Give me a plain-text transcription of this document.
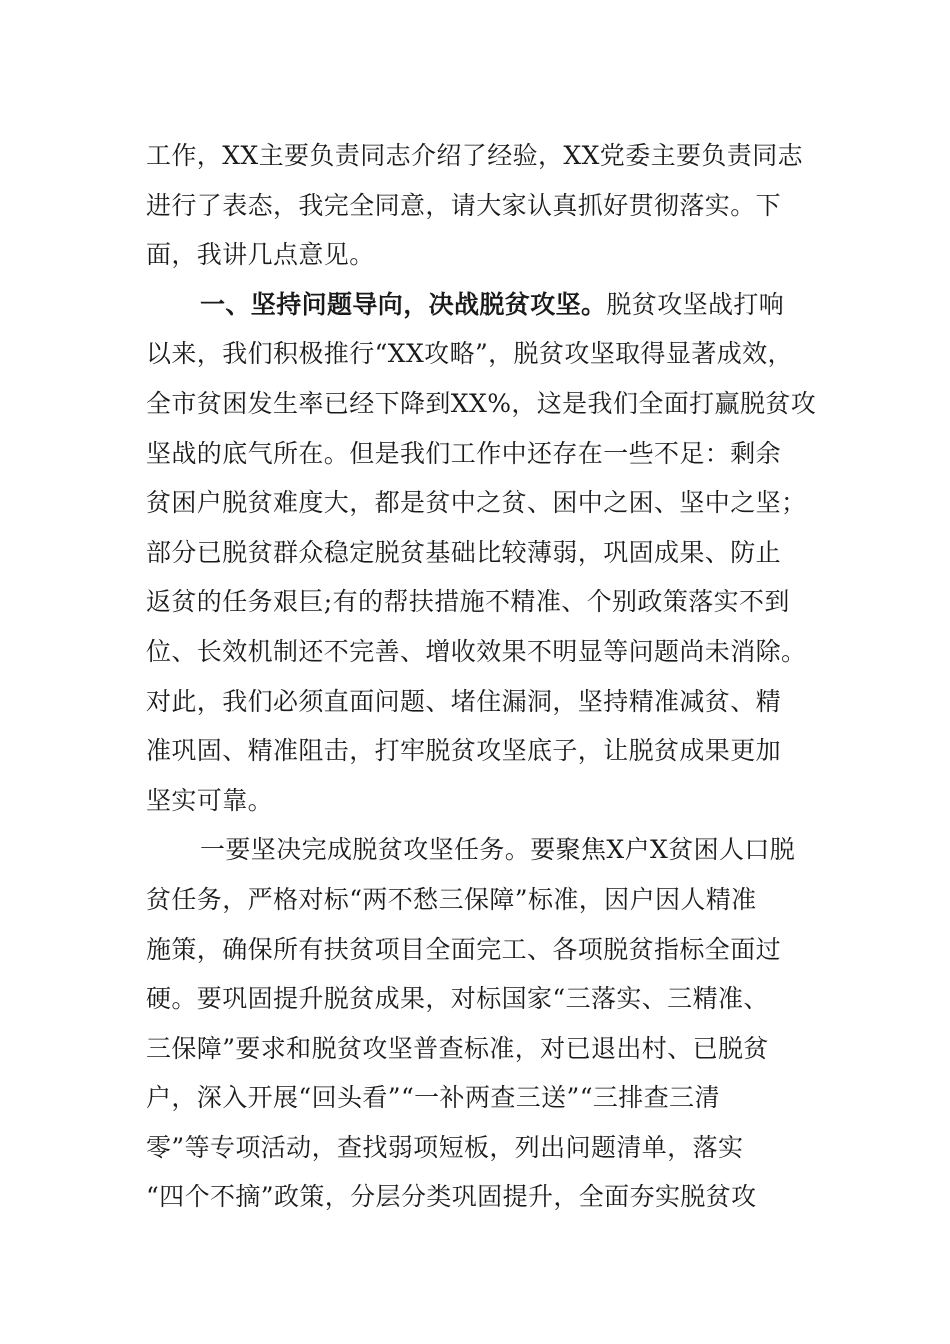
工作，XX主要负责同志介绍了经验，XX党委主要负责同志
进行了表态，我完全同意，请大家认真抓好贯彻落实。下
面，我讲几点意见。
一、坚持问题导向，决战脱贫攻坚。脱贫攻坚战打响
以来，我们积极推行“XX攻略”，脱贫攻坚取得显著成效，
全市贫困发生率已经下降到XX%，这是我们全面打赢脱贫攻
坚战的底气所在。但是我们工作中还存在一些不足：剩余
贫困户脱贫难度大，都是贫中之贫、困中之困、坚中之坚；
部分已脱贫群众稳定脱贫基础比较薄弱，巩固成果、防止
返贫的任务艰巨;有的帮扶措施不精准、个别政策落实不到
位、长效机制还不完善、增收效果不明显等问题尚未消除。
对此，我们必须直面问题、堵住漏洞，坚持精准减贫、精
准巩固、精准阻击，打牢脱贫攻坚底子，让脱贫成果更加
坚实可靠。
一要坚决完成脱贫攻坚任务。要聚焦X户X贫困人口脱
贫任务，严格对标“两不愁三保障”标准，因户因人精准
施策，确保所有扶贫项目全面完工、各项脱贫指标全面过
硬。要巩固提升脱贫成果，对标国家“三落实、三精准、
三保障”要求和脱贫攻坚普查标准，对已退出村、已脱贫
户，深入开展“回头看”“一补两查三送”“三排查三清
零”等专项活动，查找弱项短板，列出问题清单，落实
“四个不摘”政策，分层分类巩固提升，全面夯实脱贫攻
